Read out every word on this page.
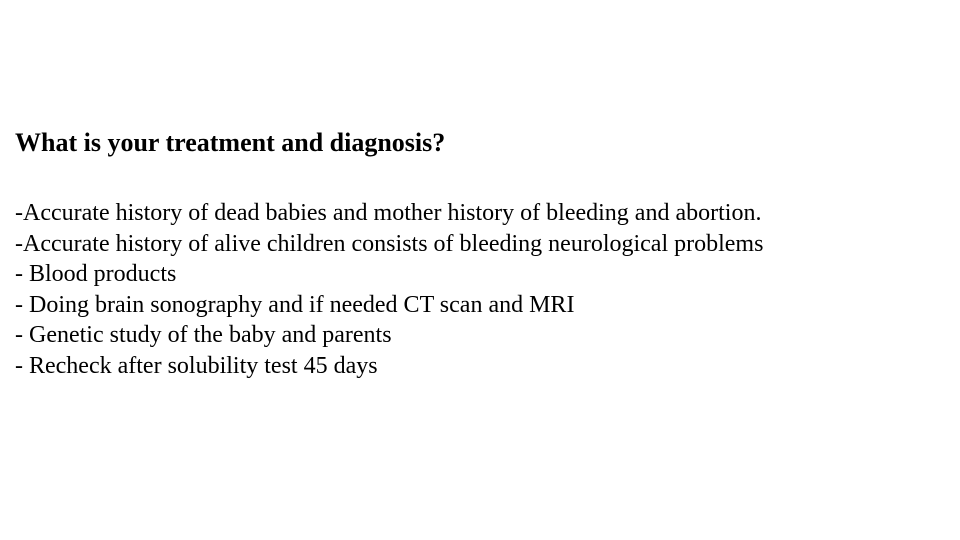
What is your treatment and diagnosis?
-Accurate history of dead babies and mother history of bleeding and abortion.
-Accurate history of alive children consists of bleeding neurological problems
- Blood products
- Doing brain sonography and if needed CT scan and MRI
- Genetic study of the baby and parents
- Recheck after solubility test 45 days
